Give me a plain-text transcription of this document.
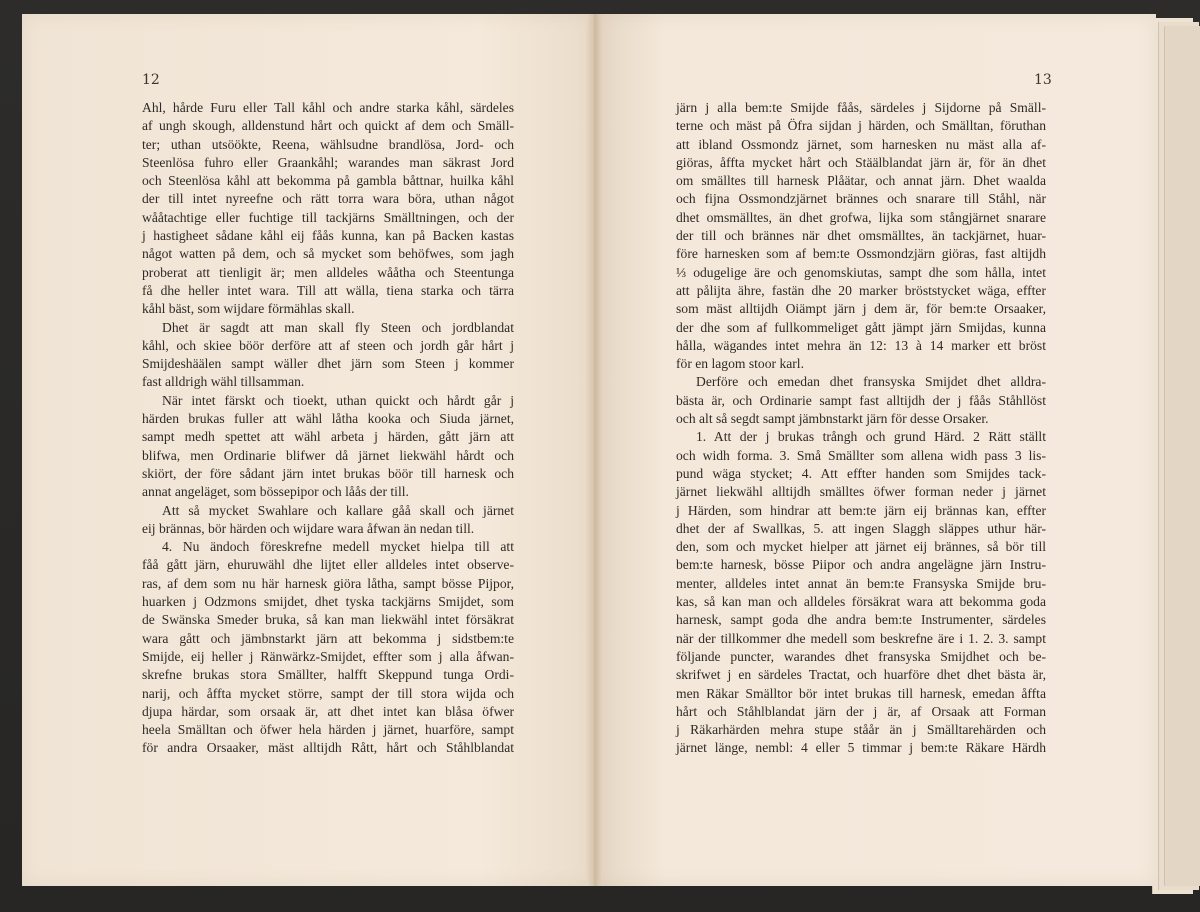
12	13
Ahl, hårde Furu eller Tall kåhl och andre starka kåhl, särdeles
af ungh skough, alldenstund hårt och quickt af dem och Smäll-
ter; uthan utsöökte, Reena, wählsudne brandlösa, Jord- och
Steenlösa fuhro eller Graankåhl; warandes man säkrast Jord
och Steenlösa kåhl att bekomma på gambla båttnar, huilka kåhl
der till intet nyreefne och rätt torra wara böra, uthan något
wååtachtige eller fuchtige till tackjärns Smälltningen, och der
j hastigheet sådane kåhl eij fåås kunna, kan på Backen kastas
något watten på dem, och så mycket som behöfwes, som jagh
proberat att tienligit är; men alldeles wååtha och Steentunga
få dhe heller intet wara. Till att wälla, tiena starka och tärra
kåhl bäst, som wijdare förmählas skall.
Dhet är sagdt att man skall fly Steen och jordblandat
kåhl, och skiee böör derföre att af steen och jordh går hårt j
Smijdeshäälen sampt wäller dhet järn som Steen j kommer
fast alldrigh wähl tillsamman.
När intet färskt och tioekt, uthan quickt och hårdt går j
härden brukas fuller att wähl låtha kooka och Siuda järnet,
sampt medh spettet att wähl arbeta j härden, gått järn att
blifwa, men Ordinarie blifwer då järnet liekwähl hårdt och
skiört, der före sådant järn intet brukas böör till harnesk och
annat angeläget, som bössepipor och låås der till.
Att så mycket Swahlare och kallare gåå skall och järnet
eij brännas, bör härden och wijdare wara åfwan än nedan till.
4. Nu ändoch föreskrefne medell mycket hielpa till att
fåå gått järn, ehuruwähl dhe lijtet eller alldeles intet observe-
ras, af dem som nu här harnesk giöra låtha, sampt bösse Pijpor,
huarken j Odzmons smijdet, dhet tyska tackjärns Smijdet, som
de Swänska Smeder bruka, så kan man liekwähl intet försäkrat
wara gått och jämbnstarkt järn att bekomma j sidstbem:te
Smijde, eij heller j Ränwärkz-Smijdet, effter som j alla åfwan-
skrefne brukas stora Smällter, halfft Skeppund tunga Ordi-
narij, och åffta mycket större, sampt der till stora wijda och
djupa härdar, som orsaak är, att dhet intet kan blåsa öfwer
heela Smälltan och öfwer hela härden j järnet, huarföre, sampt
för andra Orsaaker, mäst alltijdh Rått, hårt och Ståhlblandat
järn j alla bem:te Smijde fåås, särdeles j Sijdorne på Smäll-
terne och mäst på Öfra sijdan j härden, och Smälltan, föruthan
att ibland Ossmondz järnet, som harnesken nu mäst alla af-
giöras, åffta mycket hårt och Stäälblandat järn är, för än dhet
om smälltes till harnesk Plåätar, och annat järn. Dhet waalda
och fijna Ossmondzjärnet brännes och snarare till Ståhl, när
dhet omsmälltes, än dhet grofwa, lijka som stångjärnet snarare
der till och brännes när dhet omsmälltes, än tackjärnet, huar-
före harnesken som af bem:te Ossmondzjärn giöras, fast altijdh
⅓ odugelige äre och genomskiutas, sampt dhe som hålla, intet
att pålijta ähre, fastän dhe 20 marker bröststycket wäga, effter
som mäst alltijdh Oiämpt järn j dem är, för bem:te Orsaaker,
der dhe som af fullkommeliget gått jämpt järn Smijdas, kunna
hålla, wägandes intet mehra än 12: 13 à 14 marker ett bröst
för en lagom stoor karl.
Derföre och emedan dhet fransyska Smijdet dhet alldra-
bästa är, och Ordinarie sampt fast alltijdh der j fåås Ståhllöst
och alt så segdt sampt jämbnstarkt järn för desse Orsaker.
1. Att der j brukas trångh och grund Härd. 2 Rätt ställt
och widh forma. 3. Små Smällter som allena widh pass 3 lis-
pund wäga stycket; 4. Att effter handen som Smijdes tack-
järnet liekwähl alltijdh smälltes öfwer forman neder j järnet
j Härden, som hindrar att bem:te järn eij brännas kan, effter
dhet der af Swallkas, 5. att ingen Slaggh släppes uthur här-
den, som och mycket hielper att järnet eij brännes, så bör till
bem:te harnesk, bösse Piipor och andra angelägne järn Instru-
menter, alldeles intet annat än bem:te Fransyska Smijde bru-
kas, så kan man och alldeles försäkrat wara att bekomma goda
harnesk, sampt goda dhe andra bem:te Instrumenter, särdeles
när der tillkommer dhe medell som beskrefne äre i 1. 2. 3. sampt
följande puncter, warandes dhet fransyska Smijdhet och be-
skrifwet j en särdeles Tractat, och huarföre dhet dhet bästa är,
men Räkar Smälltor bör intet brukas till harnesk, emedan åffta
hårt och Ståhlblandat järn der j är, af Orsaak att Forman
j Räkarhärden mehra stupe ståår än j Smälltarehärden och
järnet länge, nembl: 4 eller 5 timmar j bem:te Räkare Härdh
